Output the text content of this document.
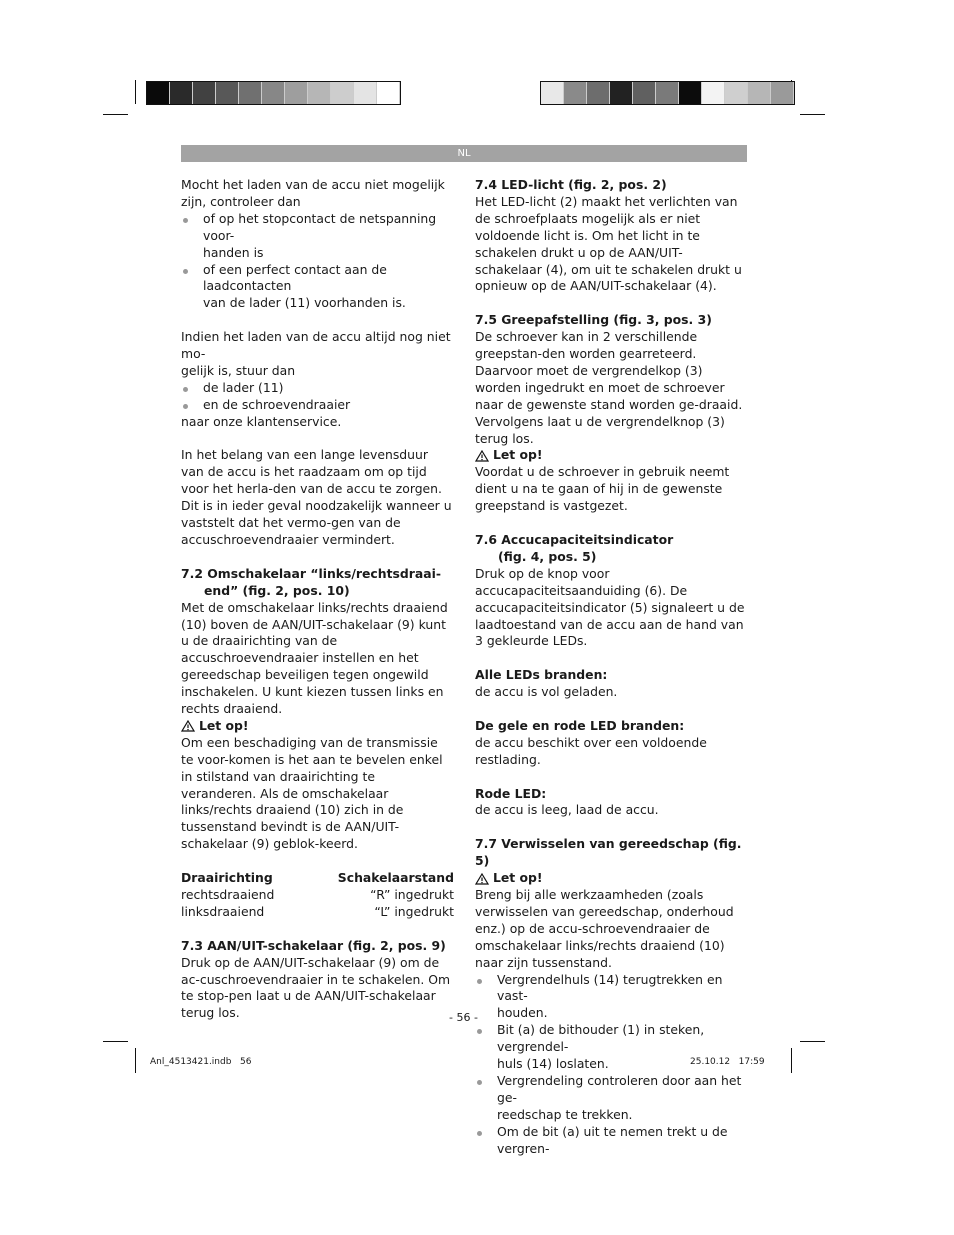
NL

Mocht het laden van de accu niet mogelijk zijn, controleer dan

of op het stopcontact de netspanning voor-
handen is
of een perfect contact aan de laadcontacten
van de lader (11) voorhanden is.

Indien het laden van de accu altijd nog niet mo-
gelijk is, stuur dan

de lader (11)
en de schroevendraaier

naar onze klantenservice.

In het belang van een lange levensduur van de accu is het raadzaam om op tijd voor het herla-den van de accu te zorgen. Dit is in ieder geval noodzakelijk wanneer u vaststelt dat het vermo-gen van de accuschroevendraaier vermindert.

7.2 Omschakelaar “links/rechtsdraai-

end” (fig. 2, pos. 10)

Met de omschakelaar links/rechts draaiend (10) boven de AAN/UIT-schakelaar (9) kunt u de draairichting van de accuschroevendraaier instellen en het gereedschap beveiligen tegen ongewild inschakelen. U kunt kiezen tussen links en rechts draaiend.

Let op!

Om een beschadiging van de transmissie te voor-komen is het aan te bevelen enkel in stilstand van draairichting te veranderen. Als de omschakelaar links/rechts draaiend (10) zich in de tussenstand bevindt is de AAN/UIT-schakelaar (9) geblok-keerd.

Draairichting	Schakelaarstand
rechtsdraaiend	“R” ingedrukt
linksdraaiend	“L” ingedrukt

7.3 AAN/UIT-schakelaar (fig. 2, pos. 9)

Druk op de AAN/UIT-schakelaar (9) om de ac-cuschroevendraaier in te schakelen. Om te stop-pen laat u de AAN/UIT-schakelaar terug los.

7.4 LED-licht (fig. 2, pos. 2)

Het LED-licht (2) maakt het verlichten van de schroefplaats mogelijk als er niet voldoende licht is. Om het licht in te schakelen drukt u op de AAN/UIT-schakelaar (4), om uit te schakelen drukt u opnieuw op de AAN/UIT-schakelaar (4).

7.5 Greepafstelling (fig. 3, pos. 3)

De schroever kan in 2 verschillende greepstan-den worden gearreteerd. Daarvoor moet de vergrendelkop (3) worden ingedrukt en moet de schroever naar de gewenste stand worden ge-draaid. Vervolgens laat u de vergrendelknop (3) terug los.

Let op!

Voordat u de schroever in gebruik neemt dient u na te gaan of hij in de gewenste greepstand is vastgezet.

7.6 Accucapaciteitsindicator

(fig. 4, pos. 5)

Druk op de knop voor accucapaciteitsaanduiding (6). De accucapaciteitsindicator (5) signaleert u de laadtoestand van de accu aan de hand van 3 gekleurde LEDs.

Alle LEDs branden:

de accu is vol geladen.

De gele en rode LED branden:

de accu beschikt over een voldoende restlading.

Rode LED:

de accu is leeg, laad de accu.

7.7 Verwisselen van gereedschap (fig. 5)

Let op!

Breng bij alle werkzaamheden (zoals verwisselen van gereedschap, onderhoud enz.) op de accu-schroevendraaier de omschakelaar links/rechts draaiend (10) naar zijn tussenstand.

Vergrendelhuls (14) terugtrekken en vast-
houden.
Bit (a) de bithouder (1) in steken, vergrendel-
huls (14) loslaten.
Vergrendeling controleren door aan het ge-
reedschap te trekken.
Om de bit (a) uit te nemen trekt u de vergren-
- 56 -
Anl_4513421.indb   56	25.10.12   17:59
